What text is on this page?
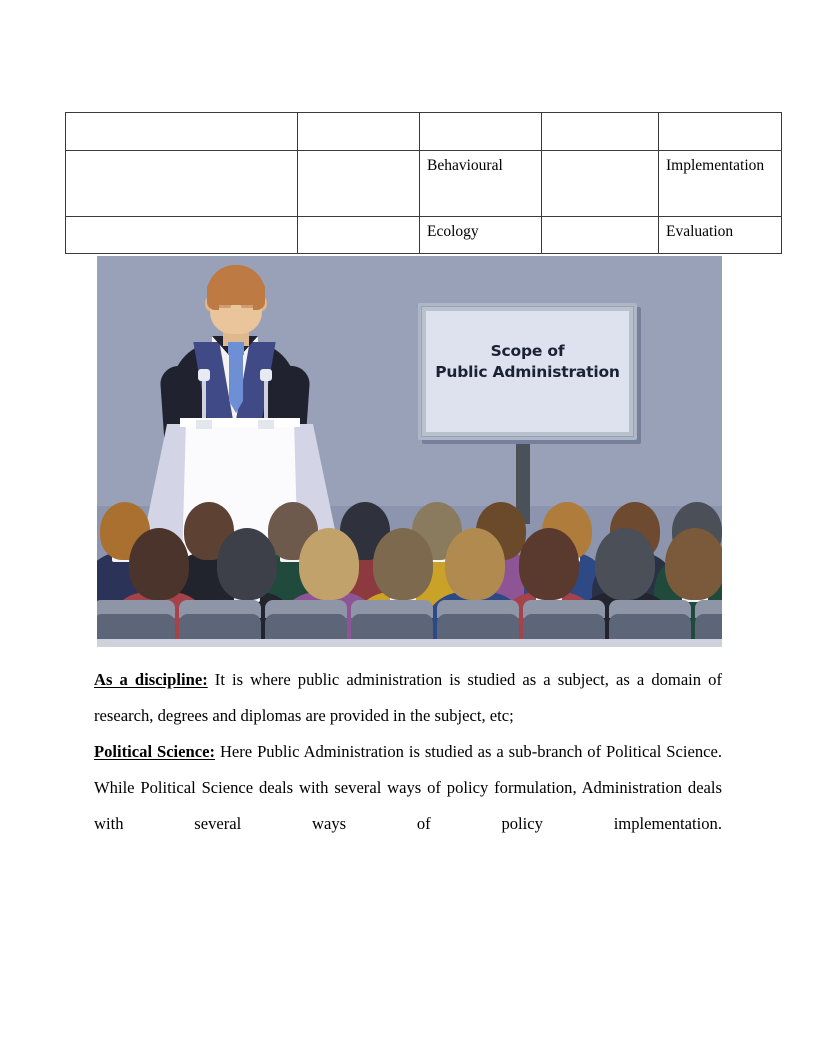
		Behavioural		Implementation
		Ecology		Evaluation
Scope of
Public Administration

As a discipline: It is where public administration is studied as a subject, as a domain of research, degrees and diplomas are provided in the subject, etc;

Political Science: Here Public Administration is studied as a sub-branch of Political Science. While Political Science deals with several ways of policy formulation, Administration deals with several ways of policy implementation.
